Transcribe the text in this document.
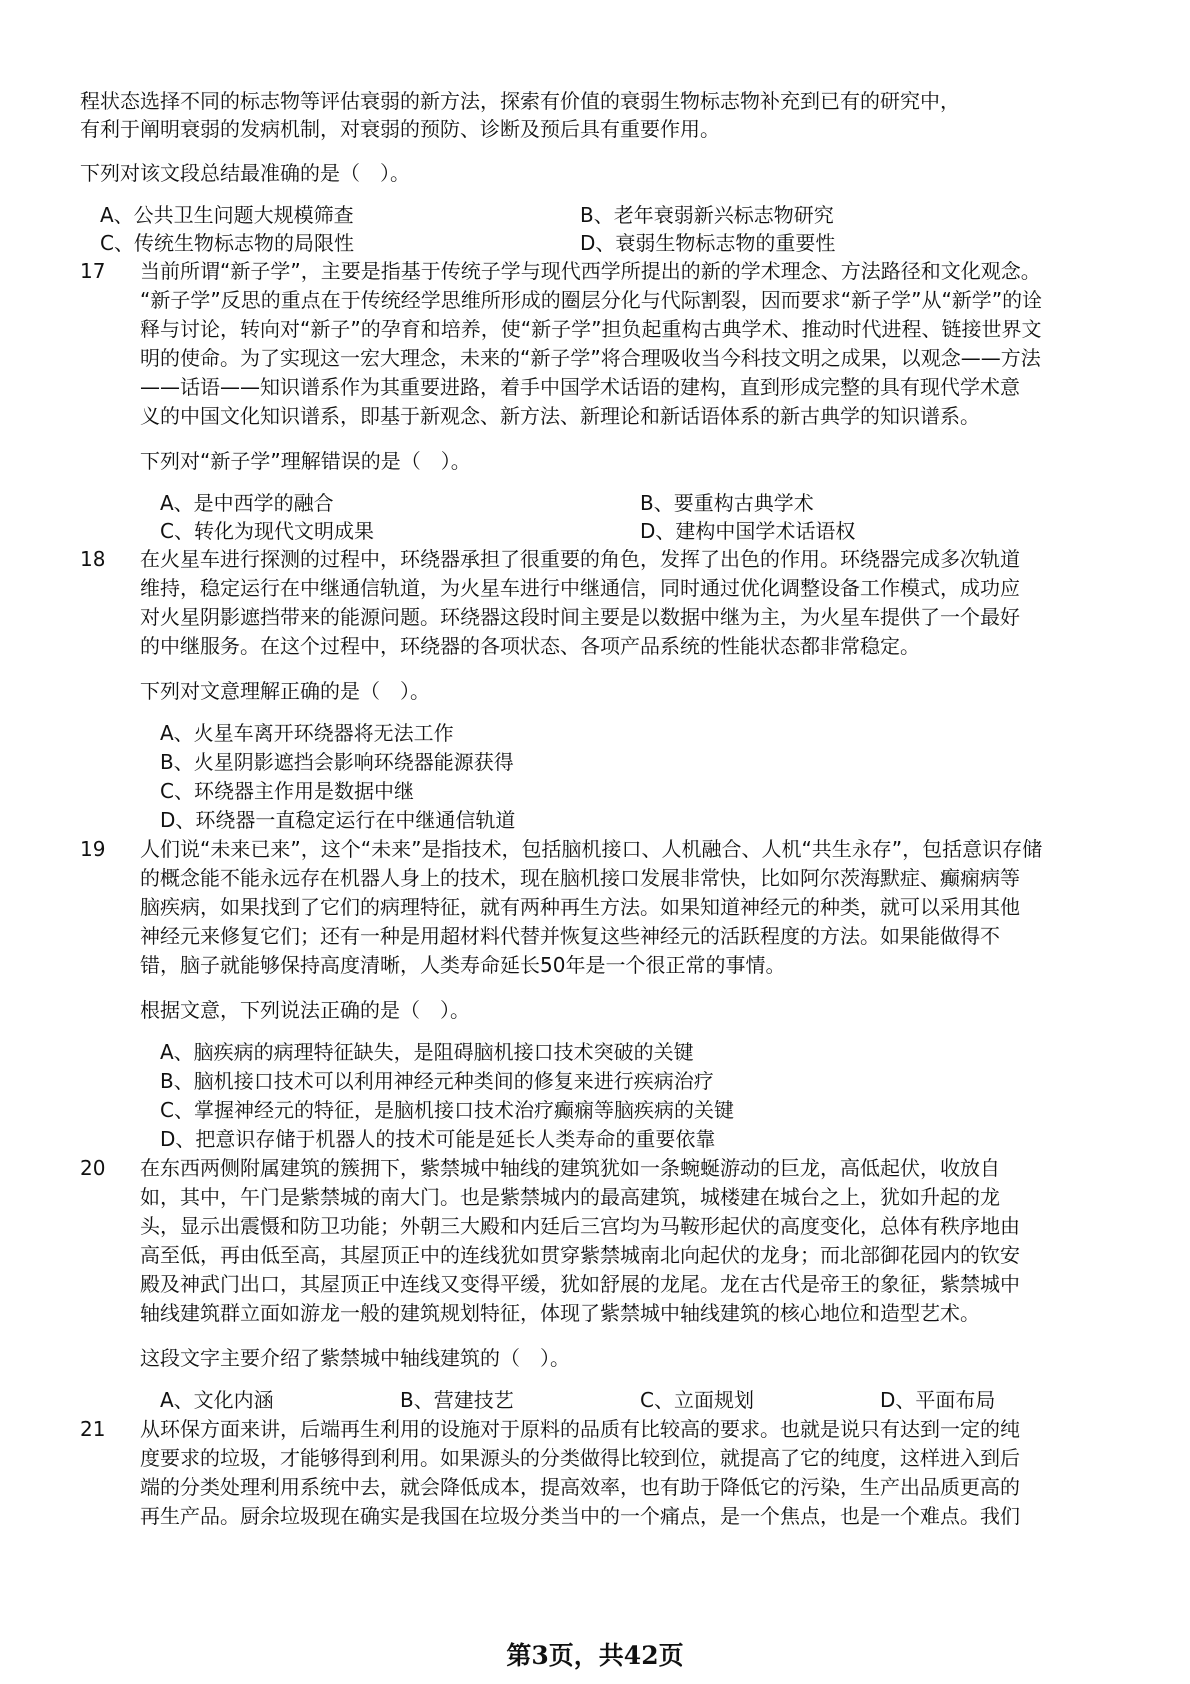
程状态选择不同的标志物等评估衰弱的新方法，探索有价值的衰弱生物标志物补充到已有的研究中，
有利于阐明衰弱的发病机制，对衰弱的预防、诊断及预后具有重要作用。
下列对该文段总结最准确的是（　）。
A、公共卫生问题大规模筛查	B、老年衰弱新兴标志物研究
C、传统生物标志物的局限性	D、衰弱生物标志物的重要性
17 当前所谓“新子学”，主要是指基于传统子学与现代西学所提出的新的学术理念、方法路径和文化观念。
“新子学”反思的重点在于传统经学思维所形成的圈层分化与代际割裂，因而要求“新子学”从“新学”的诠
释与讨论，转向对“新子”的孕育和培养，使“新子学”担负起重构古典学术、推动时代进程、链接世界文
明的使命。为了实现这一宏大理念，未来的“新子学”将合理吸收当今科技文明之成果，以观念——方法
——话语——知识谱系作为其重要进路，着手中国学术话语的建构，直到形成完整的具有现代学术意
义的中国文化知识谱系，即基于新观念、新方法、新理论和新话语体系的新古典学的知识谱系。
下列对“新子学”理解错误的是（　）。
A、是中西学的融合	B、要重构古典学术
C、转化为现代文明成果	D、建构中国学术话语权
18 在火星车进行探测的过程中，环绕器承担了很重要的角色，发挥了出色的作用。环绕器完成多次轨道
维持，稳定运行在中继通信轨道，为火星车进行中继通信，同时通过优化调整设备工作模式，成功应
对火星阴影遮挡带来的能源问题。环绕器这段时间主要是以数据中继为主，为火星车提供了一个最好
的中继服务。在这个过程中，环绕器的各项状态、各项产品系统的性能状态都非常稳定。
下列对文意理解正确的是（　）。
A、火星车离开环绕器将无法工作
B、火星阴影遮挡会影响环绕器能源获得
C、环绕器主作用是数据中继
D、环绕器一直稳定运行在中继通信轨道
19 人们说“未来已来”，这个“未来”是指技术，包括脑机接口、人机融合、人机“共生永存”，包括意识存储
的概念能不能永远存在机器人身上的技术，现在脑机接口发展非常快，比如阿尔茨海默症、癫痫病等
脑疾病，如果找到了它们的病理特征，就有两种再生方法。如果知道神经元的种类，就可以采用其他
神经元来修复它们；还有一种是用超材料代替并恢复这些神经元的活跃程度的方法。如果能做得不
错，脑子就能够保持高度清晰，人类寿命延长50年是一个很正常的事情。
根据文意，下列说法正确的是（　）。
A、脑疾病的病理特征缺失，是阻碍脑机接口技术突破的关键
B、脑机接口技术可以利用神经元种类间的修复来进行疾病治疗
C、掌握神经元的特征，是脑机接口技术治疗癫痫等脑疾病的关键
D、把意识存储于机器人的技术可能是延长人类寿命的重要依靠
20 在东西两侧附属建筑的簇拥下，紫禁城中轴线的建筑犹如一条蜿蜒游动的巨龙，高低起伏，收放自
如，其中，午门是紫禁城的南大门。也是紫禁城内的最高建筑，城楼建在城台之上，犹如升起的龙
头，显示出震慑和防卫功能；外朝三大殿和内廷后三宫均为马鞍形起伏的高度变化，总体有秩序地由
高至低，再由低至高，其屋顶正中的连线犹如贯穿紫禁城南北向起伏的龙身；而北部御花园内的钦安
殿及神武门出口，其屋顶正中连线又变得平缓，犹如舒展的龙尾。龙在古代是帝王的象征，紫禁城中
轴线建筑群立面如游龙一般的建筑规划特征，体现了紫禁城中轴线建筑的核心地位和造型艺术。
这段文字主要介绍了紫禁城中轴线建筑的（　）。
A、文化内涵	B、营建技艺	C、立面规划	D、平面布局
21 从环保方面来讲，后端再生利用的设施对于原料的品质有比较高的要求。也就是说只有达到一定的纯
度要求的垃圾，才能够得到利用。如果源头的分类做得比较到位，就提高了它的纯度，这样进入到后
端的分类处理利用系统中去，就会降低成本，提高效率，也有助于降低它的污染，生产出品质更高的
再生产品。厨余垃圾现在确实是我国在垃圾分类当中的一个痛点，是一个焦点，也是一个难点。我们
第3页，共42页
